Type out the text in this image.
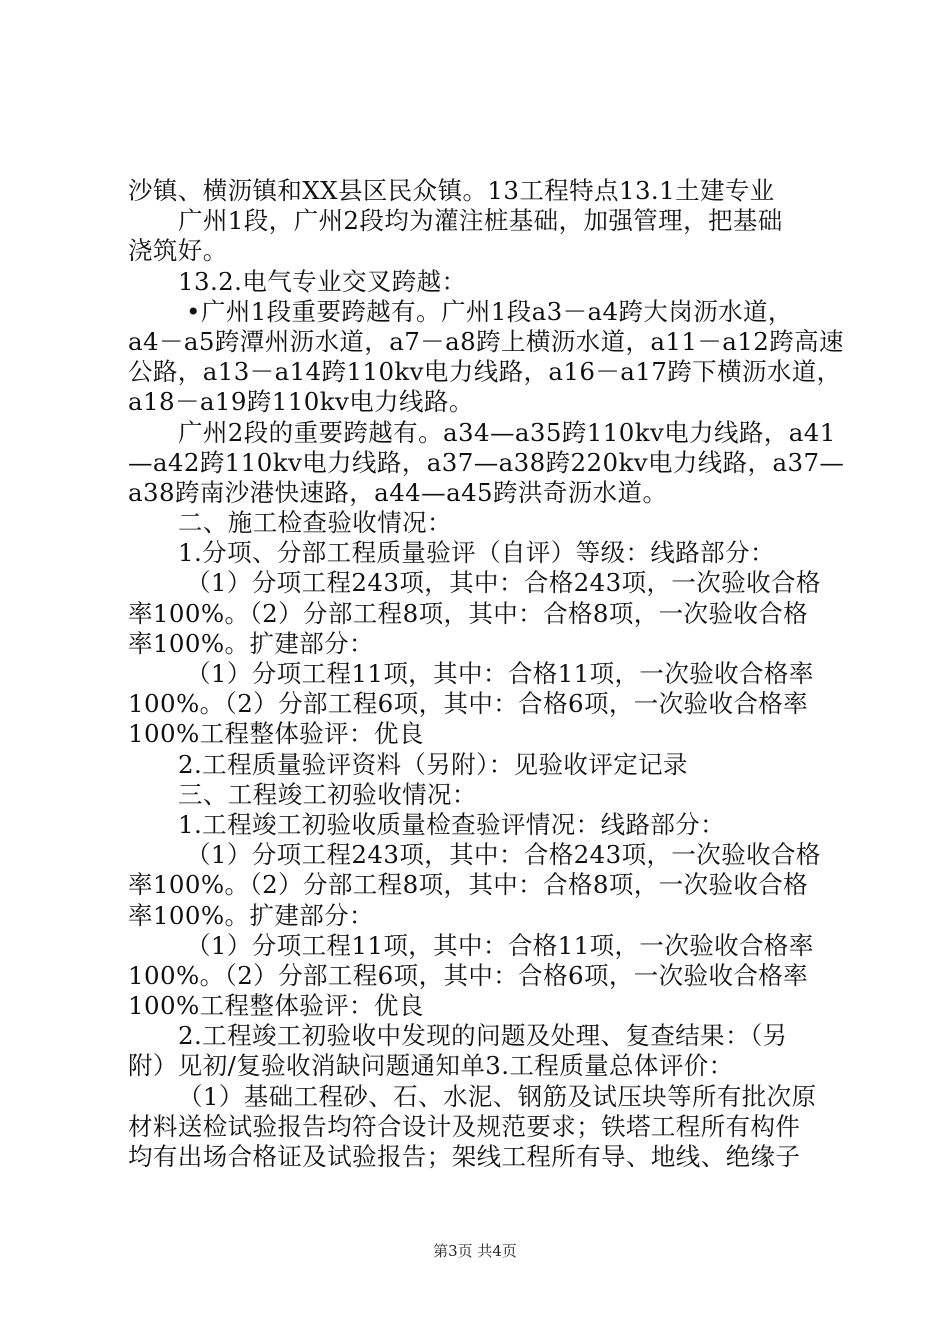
沙镇、横沥镇和XX县区民众镇。13工程特点13.1土建专业
广州1段，广州2段均为灌注桩基础，加强管理，把基础
浇筑好。
13.2.电气专业交叉跨越：
•广州1段重要跨越有。广州1段a3－a4跨大岗沥水道，
a4－a5跨潭州沥水道，a7－a8跨上横沥水道，a11－a12跨高速
公路，a13－a14跨110kv电力线路，a16－a17跨下横沥水道，
a18－a19跨110kv电力线路。
广州2段的重要跨越有。a34—a35跨110kv电力线路，a41
—a42跨110kv电力线路，a37—a38跨220kv电力线路，a37—
a38跨南沙港快速路，a44—a45跨洪奇沥水道。
二、施工检查验收情况：
1.分项、分部工程质量验评（自评）等级：线路部分：
（1）分项工程243项，其中：合格243项，一次验收合格
率100%。（2）分部工程8项，其中：合格8项，一次验收合格
率100%。扩建部分：
（1）分项工程11项，其中：合格11项，一次验收合格率
100%。（2）分部工程6项，其中：合格6项，一次验收合格率
100%工程整体验评：优良
2.工程质量验评资料（另附）：见验收评定记录
三、工程竣工初验收情况：
1.工程竣工初验收质量检查验评情况：线路部分：
（1）分项工程243项，其中：合格243项，一次验收合格
率100%。（2）分部工程8项，其中：合格8项，一次验收合格
率100%。扩建部分：
（1）分项工程11项，其中：合格11项，一次验收合格率
100%。（2）分部工程6项，其中：合格6项，一次验收合格率
100%工程整体验评：优良
2.工程竣工初验收中发现的问题及处理、复查结果：（另
附）见初/复验收消缺问题通知单3.工程质量总体评价：
（1）基础工程砂、石、水泥、钢筋及试压块等所有批次原
材料送检试验报告均符合设计及规范要求；铁塔工程所有构件
均有出场合格证及试验报告；架线工程所有导、地线、绝缘子
第3页 共4页
